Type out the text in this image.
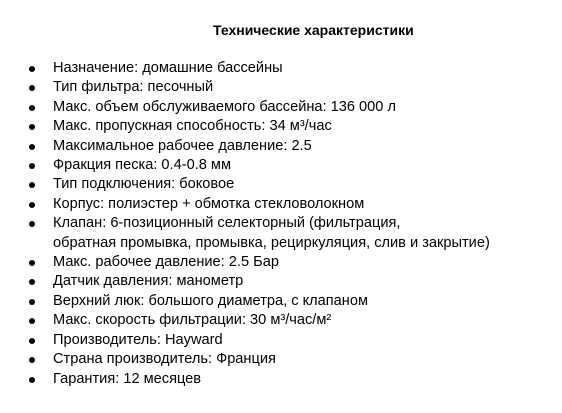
Технические характеристики
Назначение: домашние бассейны
Тип фильтра: песочный
Макс. объем обслуживаемого бассейна: 136 000 л
Макс. пропускная способность: 34 м³/час
Максимальное рабочее давление: 2.5
Фракция песка: 0.4-0.8 мм
Тип подключения: боковое
Корпус: полиэстер + обмотка стекловолокном
Клапан: 6-позиционный селекторный (фильтрация,
обратная промывка, промывка, рециркуляция, слив и закрытие)
Макс. рабочее давление: 2.5 Бар
Датчик давления: манометр
Верхний люк: большого диаметра, с клапаном
Макс. скорость фильтрации: 30 м³/час/м²
Производитель: Hayward
Страна производитель: Франция
Гарантия: 12 месяцев
